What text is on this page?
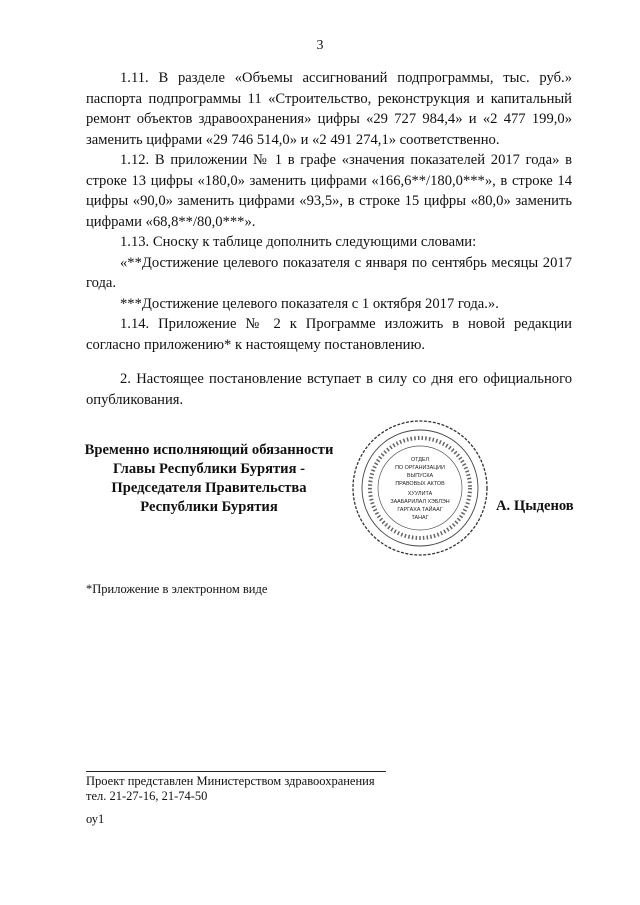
3

1.11. В разделе «Объемы ассигнований подпрограммы, тыс. руб.» паспорта подпрограммы 11 «Строительство, реконструкция и капитальный ремонт объектов здравоохранения» цифры «29 727 984,4» и «2 477 199,0» заменить цифрами «29 746 514,0» и «2 491 274,1» соответственно.

1.12. В приложении № 1 в графе «значения показателей 2017 года» в строке 13 цифры «180,0» заменить цифрами «166,6**/180,0***», в строке 14 цифры «90,0» заменить цифрами «93,5», в строке 15 цифры «80,0» заменить цифрами «68,8**/80,0***».

1.13. Сноску к таблице дополнить следующими словами:

«**Достижение целевого показателя с января по сентябрь месяцы 2017 года.

***Достижение целевого показателя с 1 октября 2017 года.».

1.14. Приложение № 2 к Программе изложить в новой редакции согласно приложению* к настоящему постановлению.

2. Настоящее постановление вступает в силу со дня его официального опубликования.

Временно исполняющий обязанности
Главы Республики Бурятия -
Председателя Правительства
Республики Бурятия
ОТДЕЛ
ПО ОРГАНИЗАЦИИ
ВЫПУСКА
ПРАВОВЫХ АКТОВ
ХУУЛИТА
ЗААБАРИЛАЛ ХЭБЛЭН
ГАРГАХА ТАЙААГ
ТАНАГ
А. Цыденов
*Приложение в электронном виде
Проект представлен Министерством здравоохранения
тел. 21-27-16, 21-74-50
оу1
